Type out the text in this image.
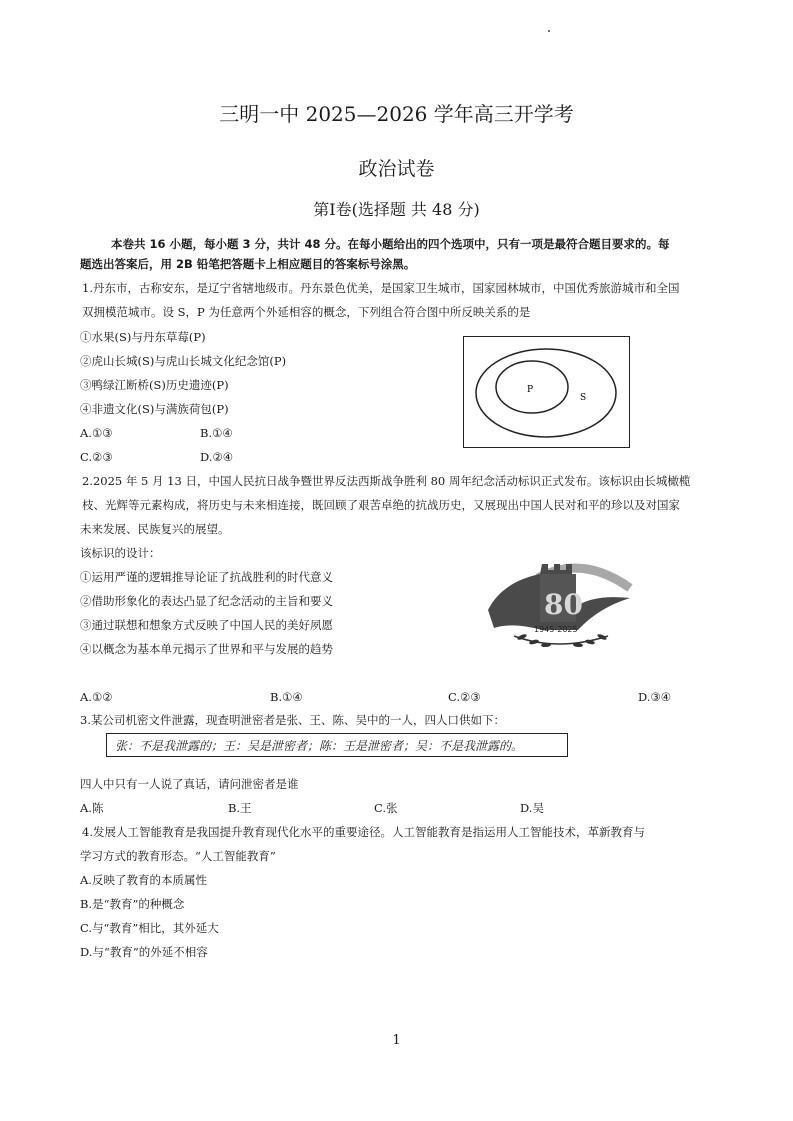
三明一中 2025—2026 学年高三开学考
政治试卷
第Ⅰ卷(选择题 共 48 分)
本卷共 16 小题，每小题 3 分，共计 48 分。在每小题给出的四个选项中，只有一项是最符合题目要求的。每
题选出答案后，用 2B 铅笔把答题卡上相应题目的答案标号涂黑。
1.丹东市，古称安东，是辽宁省辖地级市。丹东景色优美，是国家卫生城市，国家园林城市，中国优秀旅游城市和全国
双拥模范城市。设 S，P 为任意两个外延相容的概念，下列组合符合图中所反映关系的是
①水果(S)与丹东草莓(P)
②虎山长城(S)与虎山长城文化纪念馆(P)
③鸭绿江断桥(S)历史遗迹(P)
④非遗文化(S)与满族荷包(P)
A.①③	B.①④
C.②③	D.②④
P
S
2.2025 年 5 月 13 日，中国人民抗日战争暨世界反法西斯战争胜利 80 周年纪念活动标识正式发布。该标识由长城橄榄
枝、光辉等元素构成，将历史与未来相连接，既回顾了艰苦卓绝的抗战历史，又展现出中国人民对和平的珍以及对国家
未来发展、民族复兴的展望。
该标识的设计：
①运用严谨的逻辑推导论证了抗战胜利的时代意义
②借助形象化的表达凸显了纪念活动的主旨和要义
③通过联想和想象方式反映了中国人民的美好夙愿
④以概念为基本单元揭示了世界和平与发展的趋势
80
1945-2025
A.①②	B.①④	C.②③	D.③④
3.某公司机密文件泄露，现查明泄密者是张、王、陈、吴中的一人，四人口供如下：
张：不是我泄露的；王：吴是泄密者；陈：王是泄密者；吴：不是我泄露的。
四人中只有一人说了真话，请问泄密者是谁
A.陈	B.王	C.张	D.吴
4.发展人工智能教育是我国提升教育现代化水平的重要途径。人工智能教育是指运用人工智能技术，革新教育与
学习方式的教育形态。“人工智能教育”
A.反映了教育的本质属性
B.是“教育”的种概念
C.与“教育”相比，其外延大
D.与“教育”的外延不相容
1
